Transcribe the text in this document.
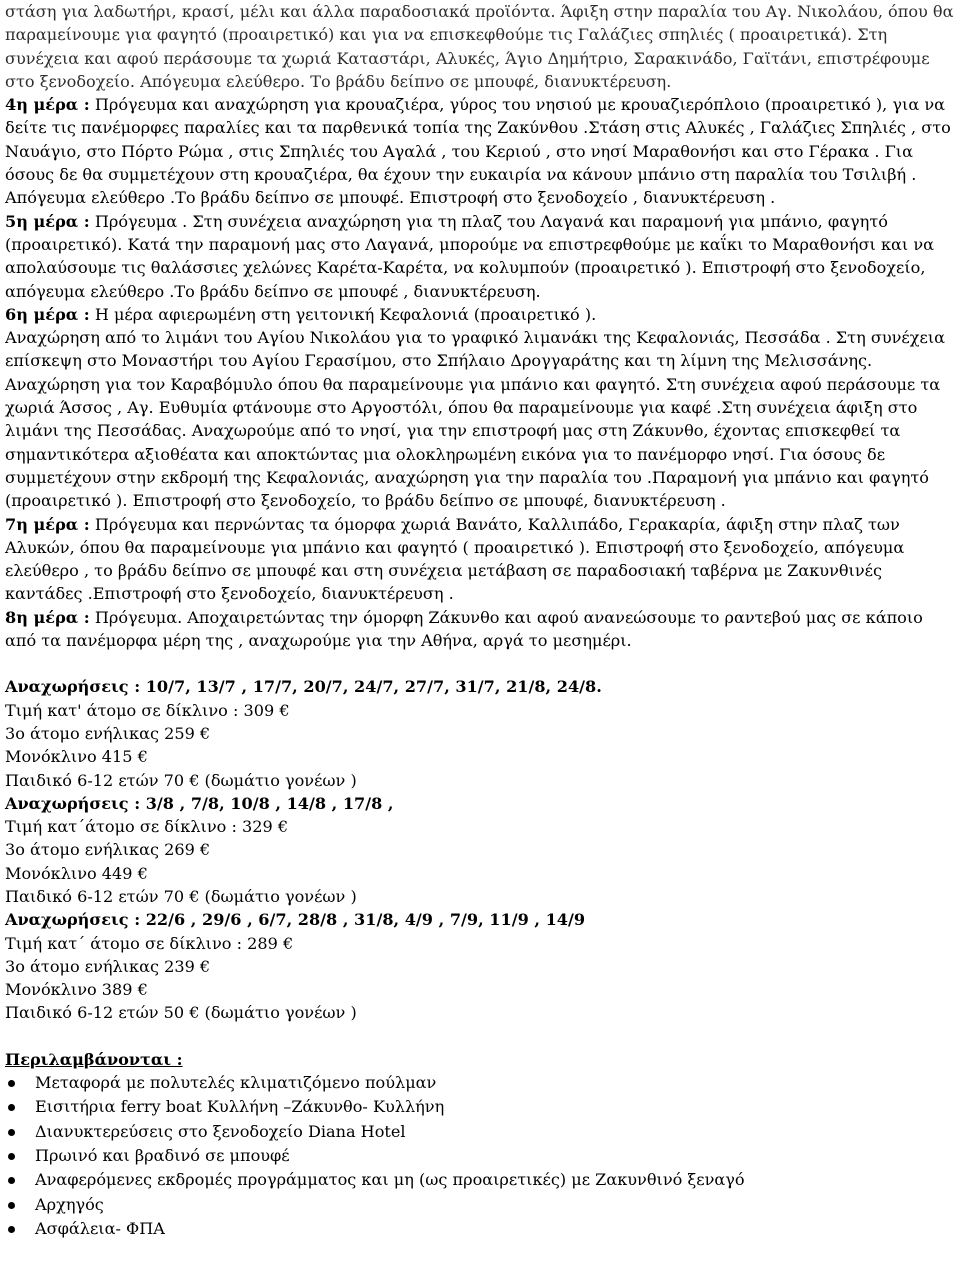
στάση για λαδωτήρι, κρασί, μέλι και άλλα παραδοσιακά προϊόντα. Άφιξη στην παραλία του Αγ. Νικολάου, όπου θα παραμείνουμε για φαγητό (προαιρετικό) και για να επισκεφθούμε τις Γαλάζιες σπηλιές ( προαιρετικά). Στη συνέχεια και αφού περάσουμε τα χωριά Καταστάρι, Αλυκές, Άγιο Δημήτριο, Σαρακινάδο, Γαϊτάνι, επιστρέφουμε στο ξενοδοχείο. Απόγευμα ελεύθερο. Το βράδυ δείπνο σε μπουφέ, διανυκτέρευση.

4η μέρα : Πρόγευμα και αναχώρηση για κρουαζιέρα, γύρος του νησιού με κρουαζιερόπλοιο (προαιρετικό ), για να δείτε τις πανέμορφες παραλίες και τα παρθενικά τοπία της Ζακύνθου .Στάση στις Αλυκές , Γαλάζιες Σπηλιές , στο Ναυάγιο, στο Πόρτο Ρώμα , στις Σπηλιές του Αγαλά , του Κεριού , στο νησί Μαραθονήσι και στο Γέρακα . Για όσους δε θα συμμετέχουν στη κρουαζιέρα, θα έχουν την ευκαιρία να κάνουν μπάνιο στη παραλία του Τσιλιβή . Απόγευμα ελεύθερο .Το βράδυ δείπνο σε μπουφέ. Επιστροφή στο ξενοδοχείο , διανυκτέρευση .

5η μέρα : Πρόγευμα . Στη συνέχεια αναχώρηση για τη πλαζ του Λαγανά και παραμονή για μπάνιο, φαγητό (προαιρετικό). Κατά την παραμονή μας στο Λαγανά, μπορούμε να επιστρεφθούμε με καΐκι το Μαραθονήσι και να απολαύσουμε τις θαλάσσιες χελώνες Καρέτα-Καρέτα, να κολυμπούν (προαιρετικό ). Επιστροφή στο ξενοδοχείο, απόγευμα ελεύθερο .Το βράδυ δείπνο σε μπουφέ , διανυκτέρευση.

6η μέρα : Η μέρα αφιερωμένη στη γειτονική Κεφαλονιά (προαιρετικό ).

Αναχώρηση από το λιμάνι του Αγίου Νικολάου για το γραφικό λιμανάκι της Κεφαλονιάς, Πεσσάδα . Στη συνέχεια επίσκεψη στο Μοναστήρι του Αγίου Γερασίμου, στο Σπήλαιο Δρογγαράτης και τη λίμνη της Μελισσάνης. Αναχώρηση για τον Καραβόμυλο όπου θα παραμείνουμε για μπάνιο και φαγητό. Στη συνέχεια αφού περάσουμε τα χωριά Άσσος , Αγ. Ευθυμία φτάνουμε στο Αργοστόλι, όπου θα παραμείνουμε για καφέ .Στη συνέχεια άφιξη στο λιμάνι της Πεσσάδας. Αναχωρούμε από το νησί, για την επιστροφή μας στη Ζάκυνθο, έχοντας επισκεφθεί τα σημαντικότερα αξιοθέατα και αποκτώντας μια ολοκληρωμένη εικόνα για το πανέμορφο νησί. Για όσους δε συμμετέχουν στην εκδρομή της Κεφαλονιάς, αναχώρηση για την παραλία του .Παραμονή για μπάνιο και φαγητό (προαιρετικό ). Επιστροφή στο ξενοδοχείο, το βράδυ δείπνο σε μπουφέ, διανυκτέρευση .

7η μέρα : Πρόγευμα και περνώντας τα όμορφα χωριά Βανάτο, Καλλιπάδο, Γερακαρία, άφιξη στην πλαζ των Αλυκών, όπου θα παραμείνουμε για μπάνιο και φαγητό ( προαιρετικό ). Επιστροφή στο ξενοδοχείο, απόγευμα ελεύθερο , το βράδυ δείπνο σε μπουφέ και στη συνέχεια μετάβαση σε παραδοσιακή ταβέρνα με Ζακυνθινές καντάδες .Επιστροφή στο ξενοδοχείο, διανυκτέρευση .

8η μέρα : Πρόγευμα. Αποχαιρετώντας την όμορφη Ζάκυνθο και αφού ανανεώσουμε το ραντεβού μας σε κάποιο από τα πανέμορφα μέρη της , αναχωρούμε για την Αθήνα, αργά το μεσημέρι.

Αναχωρήσεις : 10/7, 13/7 , 17/7, 20/7, 24/7, 27/7, 31/7, 21/8, 24/8.

Τιμή κατ' άτομο σε δίκλινο : 309 €

3ο άτομο ενήλικας 259 €

Μονόκλινο 415 €

Παιδικό 6-12 ετών 70 € (δωμάτιο γονέων )

Αναχωρήσεις : 3/8 , 7/8, 10/8 , 14/8 , 17/8 ,

Τιμή κατ΄άτομο σε δίκλινο : 329 €

3ο άτομο ενήλικας 269 €

Μονόκλινο 449 €

Παιδικό 6-12 ετών 70 € (δωμάτιο γονέων )

Αναχωρήσεις : 22/6 , 29/6 , 6/7, 28/8 , 31/8, 4/9 , 7/9, 11/9 , 14/9

Τιμή κατ΄ άτομο σε δίκλινο : 289 €

3ο άτομο ενήλικας 239 €

Μονόκλινο 389 €

Παιδικό 6-12 ετών 50 € (δωμάτιο γονέων )

Περιλαμβάνονται :

Μεταφορά με πολυτελές κλιματιζόμενο πούλμαν
Εισιτήρια ferry boat Κυλλήνη –Ζάκυνθο- Κυλλήνη
Διανυκτερεύσεις στο ξενοδοχείο Diana Hotel
Πρωινό και βραδινό σε μπουφέ
Αναφερόμενες εκδρομές προγράμματος και μη (ως προαιρετικές) με Ζακυνθινό ξεναγό
Αρχηγός
Ασφάλεια- ΦΠΑ
